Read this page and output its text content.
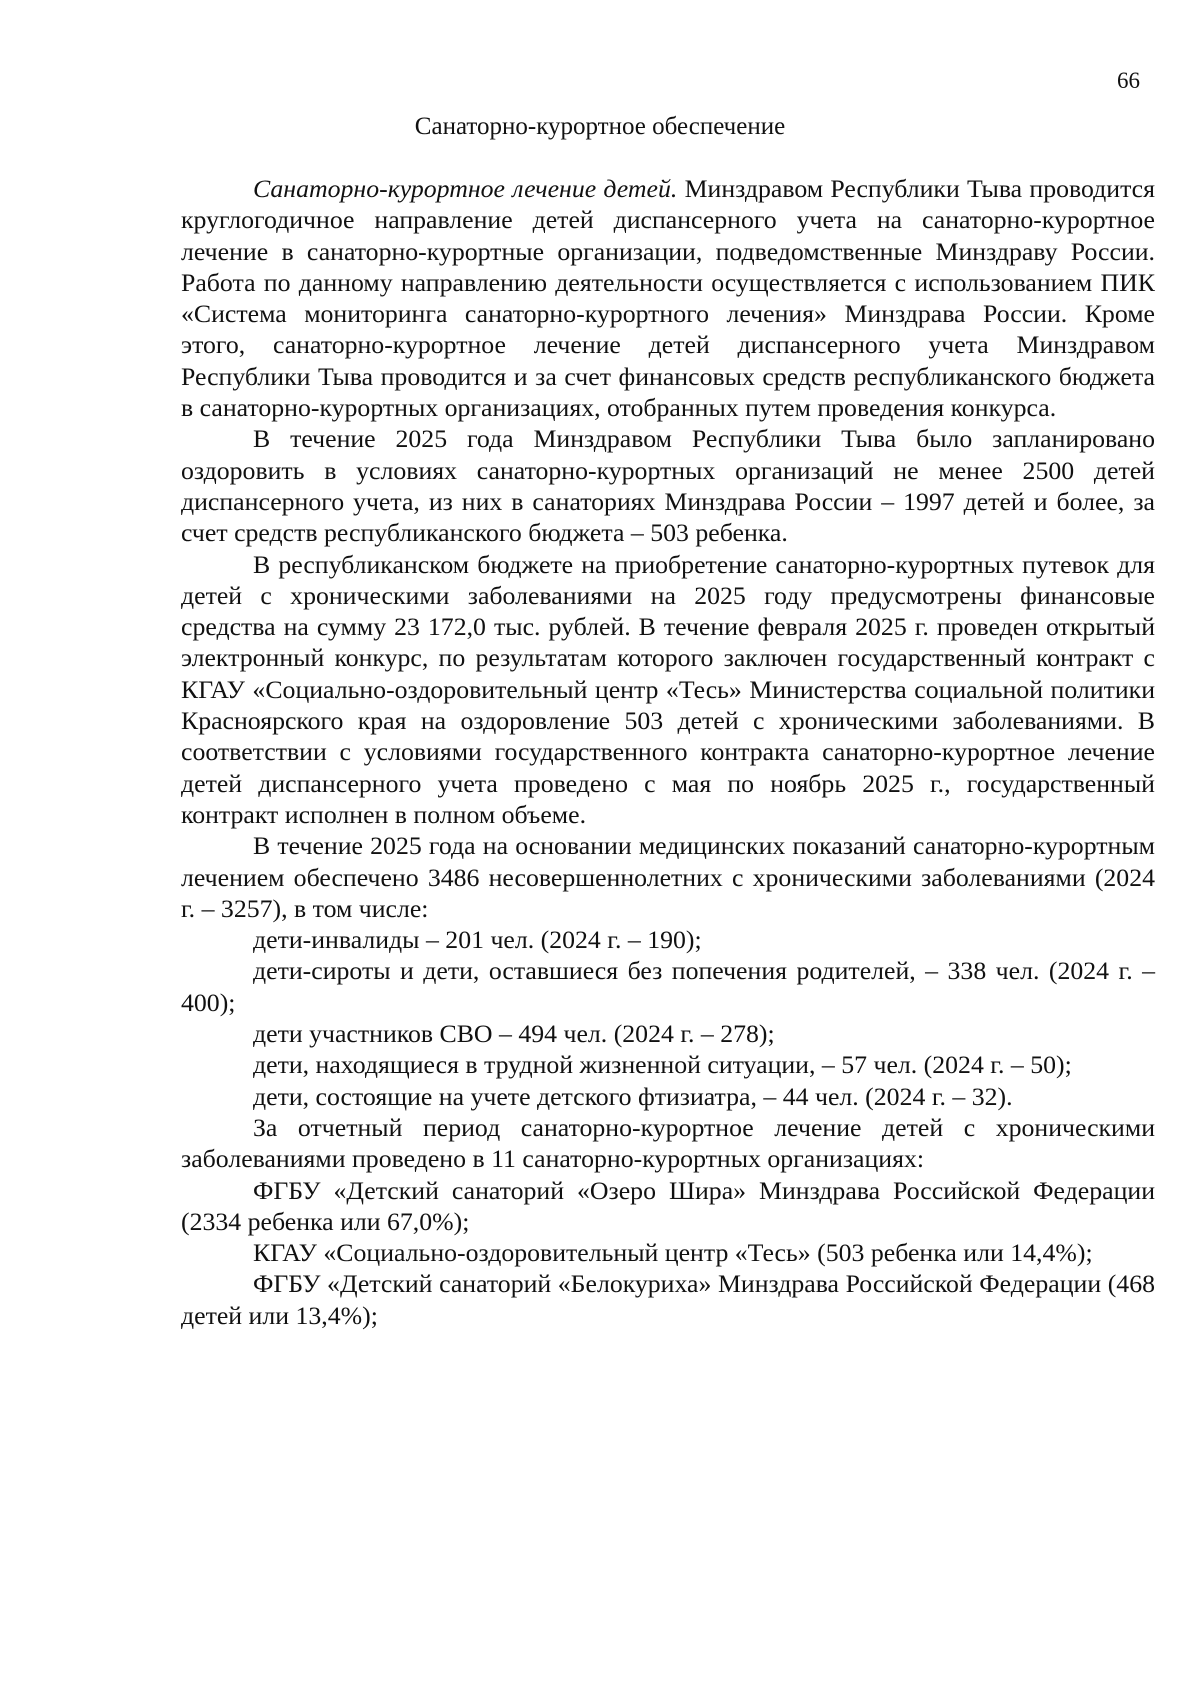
66
Санаторно-курортное обеспечение

Санаторно-курортное лечение детей. Минздравом Республики Тыва проводится круглогодичное направление детей диспансерного учета на санаторно-курортное лечение в санаторно-курортные организации, подведомственные Минздраву России. Работа по данному направлению деятельности осуществляется с использованием ПИК «Система мониторинга санаторно-курортного лечения» Минздрава России. Кроме этого, санаторно-курортное лечение детей диспансерного учета Минздравом Республики Тыва проводится и за счет финансовых средств республиканского бюджета в санаторно-курортных организациях, отобранных путем проведения конкурса.

В течение 2025 года Минздравом Республики Тыва было запланировано оздоровить в условиях санаторно-курортных организаций не менее 2500 детей диспансерного учета, из них в санаториях Минздрава России – 1997 детей и более, за счет средств республиканского бюджета – 503 ребенка.

В республиканском бюджете на приобретение санаторно-курортных путевок для детей с хроническими заболеваниями на 2025 году предусмотрены финансовые средства на сумму 23 172,0 тыс. рублей. В течение февраля 2025 г. проведен открытый электронный конкурс, по результатам которого заключен государственный контракт с КГАУ «Социально-оздоровительный центр «Тесь» Министерства социальной политики Красноярского края на оздоровление 503 детей с хроническими заболеваниями. В соответствии с условиями государственного контракта санаторно-курортное лечение детей диспансерного учета проведено с мая по ноябрь 2025 г., государственный контракт исполнен в полном объеме.

В течение 2025 года на основании медицинских показаний санаторно-курортным лечением обеспечено 3486 несовершеннолетних с хроническими заболеваниями (2024 г. – 3257), в том числе:

дети-инвалиды – 201 чел. (2024 г. – 190);

дети-сироты и дети, оставшиеся без попечения родителей, – 338 чел. (2024 г. – 400);

дети участников СВО – 494 чел. (2024 г. – 278);

дети, находящиеся в трудной жизненной ситуации, – 57 чел. (2024 г. – 50);

дети, состоящие на учете детского фтизиатра, – 44 чел. (2024 г. – 32).

За отчетный период санаторно-курортное лечение детей с хроническими заболеваниями проведено в 11 санаторно-курортных организациях:

ФГБУ «Детский санаторий «Озеро Шира» Минздрава Российской Федерации (2334 ребенка или 67,0%);

КГАУ «Социально-оздоровительный центр «Тесь» (503 ребенка или 14,4%);

ФГБУ «Детский санаторий «Белокуриха» Минздрава Российской Федерации (468 детей или 13,4%);
